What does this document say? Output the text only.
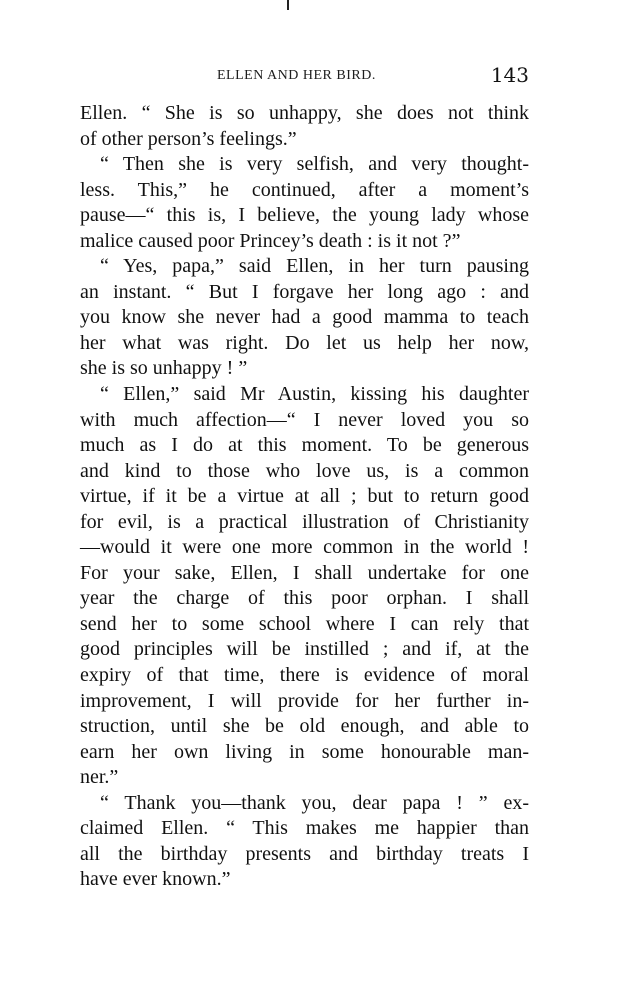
ELLEN AND HER BIRD.	143
Ellen. “ She is so unhappy, she does not think
of other person’s feelings.”
“ Then she is very selfish, and very thought-
less. This,” he continued, after a moment’s
pause—“ this is, I believe, the young lady whose
malice caused poor Princey’s death : is it not ?”
“ Yes, papa,” said Ellen, in her turn pausing
an instant. “ But I forgave her long ago : and
you know she never had a good mamma to teach
her what was right. Do let us help her now,
she is so unhappy ! ”
“ Ellen,” said Mr Austin, kissing his daughter
with much affection—“ I never loved you so
much as I do at this moment. To be generous
and kind to those who love us, is a common
virtue, if it be a virtue at all ; but to return good
for evil, is a practical illustration of Christianity
—would it were one more common in the world !
For your sake, Ellen, I shall undertake for one
year the charge of this poor orphan. I shall
send her to some school where I can rely that
good principles will be instilled ; and if, at the
expiry of that time, there is evidence of moral
improvement, I will provide for her further in-
struction, until she be old enough, and able to
earn her own living in some honourable man-
ner.”
“ Thank you—thank you, dear papa ! ” ex-
claimed Ellen. “ This makes me happier than
all the birthday presents and birthday treats I
have ever known.”
